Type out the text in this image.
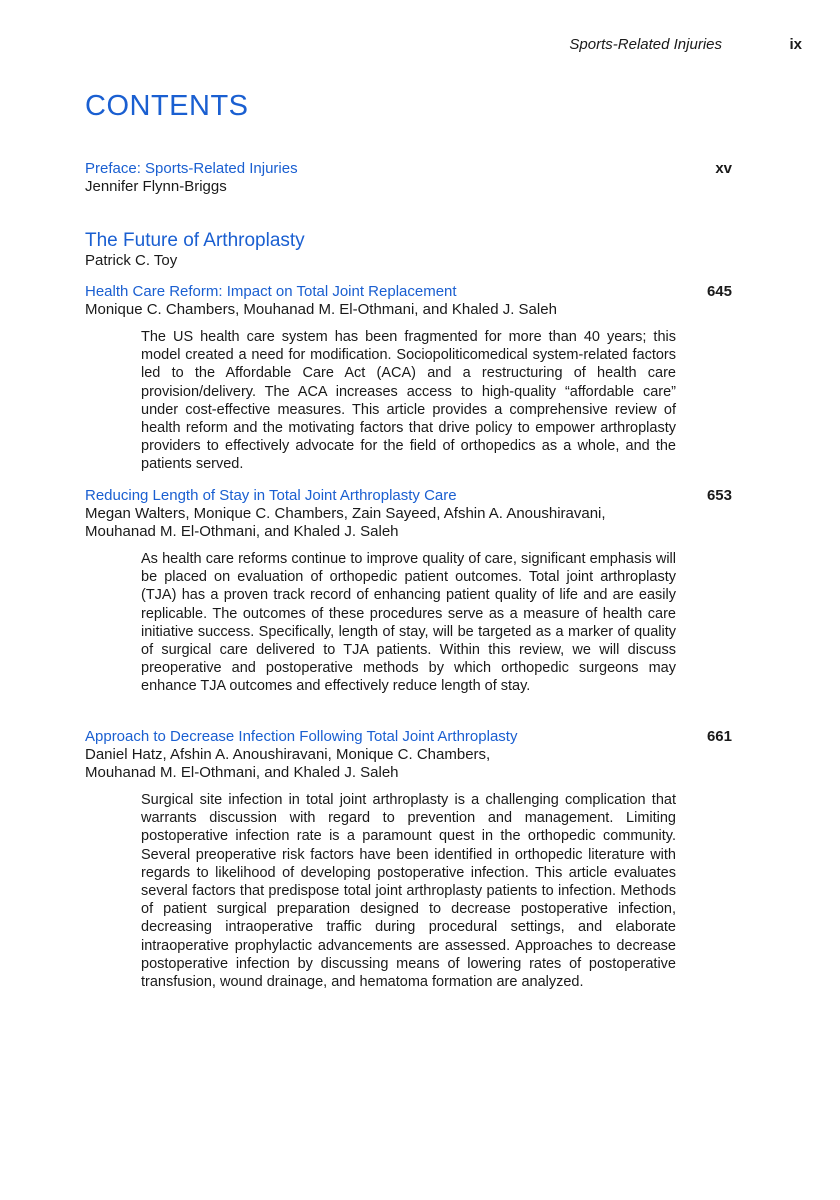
Sports-Related Injuries	ix
CONTENTS
Preface: Sports-Related Injuries	xv
Jennifer Flynn-Briggs
The Future of Arthroplasty
Patrick C. Toy
Health Care Reform: Impact on Total Joint Replacement	645
Monique C. Chambers, Mouhanad M. El-Othmani, and Khaled J. Saleh

The US health care system has been fragmented for more than 40 years; this model created a need for modification. Sociopoliticomedical system-related factors led to the Affordable Care Act (ACA) and a restructuring of health care provision/delivery. The ACA increases access to high-quality “affordable care” under cost-effective measures. This article provides a comprehensive review of health reform and the motivating factors that drive policy to empower arthroplasty providers to effectively advocate for the field of orthopedics as a whole, and the patients served.

Reducing Length of Stay in Total Joint Arthroplasty Care	653
Megan Walters, Monique C. Chambers, Zain Sayeed, Afshin A. Anoushiravani,
Mouhanad M. El-Othmani, and Khaled J. Saleh

As health care reforms continue to improve quality of care, significant emphasis will be placed on evaluation of orthopedic patient outcomes. Total joint arthroplasty (TJA) has a proven track record of enhancing patient quality of life and are easily replicable. The outcomes of these procedures serve as a measure of health care initiative success. Specifically, length of stay, will be targeted as a marker of quality of surgical care delivered to TJA patients. Within this review, we will discuss preoperative and postoperative methods by which orthopedic surgeons may enhance TJA outcomes and effectively reduce length of stay.

Approach to Decrease Infection Following Total Joint Arthroplasty	661
Daniel Hatz, Afshin A. Anoushiravani, Monique C. Chambers,
Mouhanad M. El-Othmani, and Khaled J. Saleh

Surgical site infection in total joint arthroplasty is a challenging complication that warrants discussion with regard to prevention and management. Limiting postoperative infection rate is a paramount quest in the orthopedic community. Several preoperative risk factors have been identified in orthopedic literature with regards to likelihood of developing postoperative infection. This article evaluates several factors that predispose total joint arthroplasty patients to infection. Methods of patient surgical preparation designed to decrease postoperative infection, decreasing intraoperative traffic during procedural settings, and elaborate intraoperative prophylactic advancements are assessed. Approaches to decrease postoperative infection by discussing means of lowering rates of postoperative transfusion, wound drainage, and hematoma formation are analyzed.
